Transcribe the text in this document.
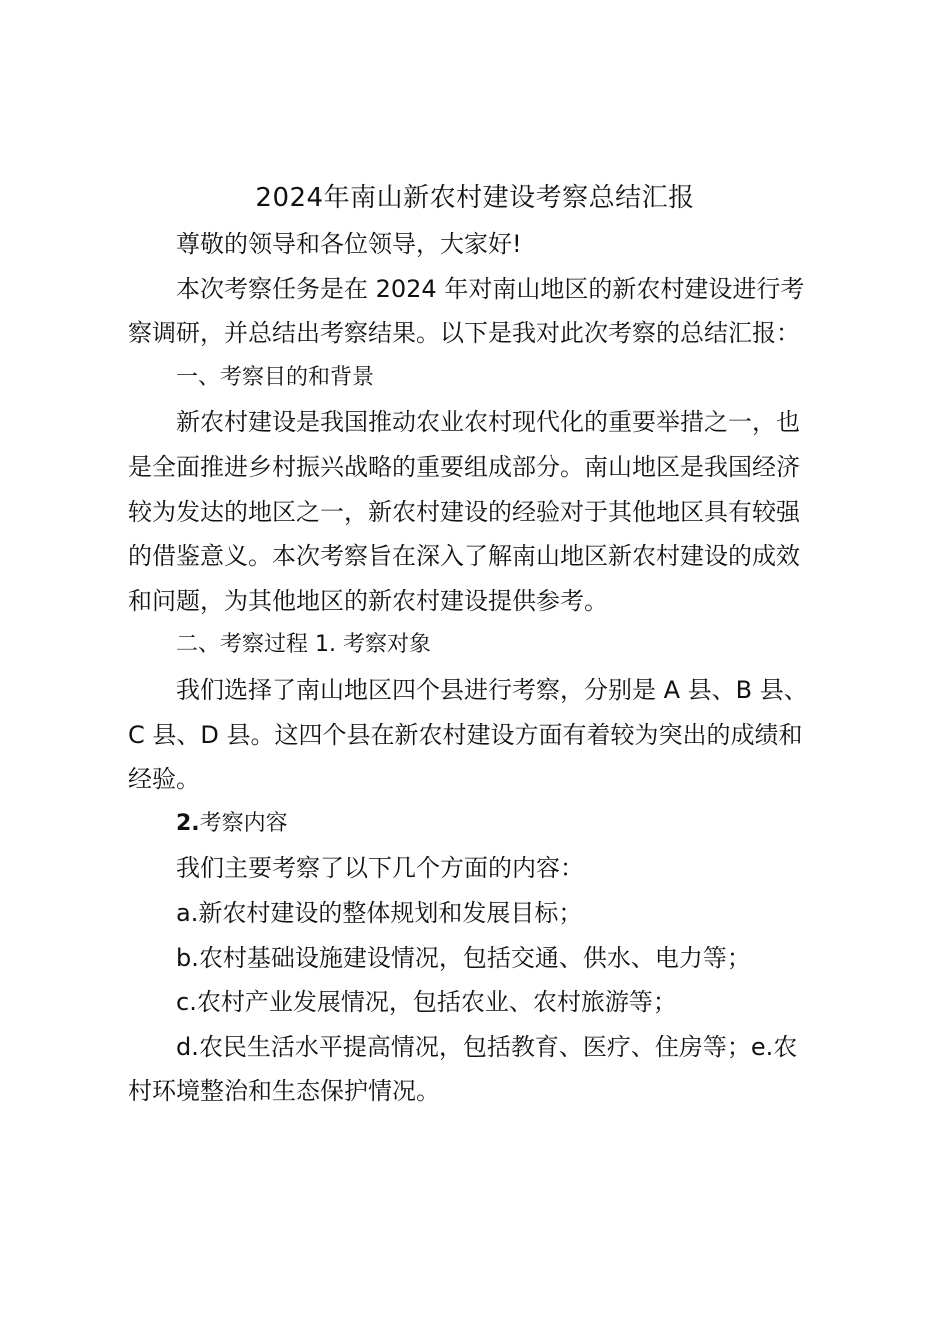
2024年南山新农村建设考察总结汇报

尊敬的领导和各位领导，大家好!

本次考察任务是在 2024 年对南山地区的新农村建设进行考察调研，并总结出考察结果。以下是我对此次考察的总结汇报：

一、考察目的和背景

新农村建设是我国推动农业农村现代化的重要举措之一，也是全面推进乡村振兴战略的重要组成部分。南山地区是我国经济较为发达的地区之一，新农村建设的经验对于其他地区具有较强的借鉴意义。本次考察旨在深入了解南山地区新农村建设的成效和问题，为其他地区的新农村建设提供参考。

二、考察过程 1. 考察对象

我们选择了南山地区四个县进行考察，分别是 A 县、B 县、C 县、D 县。这四个县在新农村建设方面有着较为突出的成绩和经验。

2.考察内容

我们主要考察了以下几个方面的内容：

a.新农村建设的整体规划和发展目标；

b.农村基础设施建设情况，包括交通、供水、电力等；

c.农村产业发展情况，包括农业、农村旅游等；

d.农民生活水平提高情况，包括教育、医疗、住房等；e.农村环境整治和生态保护情况。
